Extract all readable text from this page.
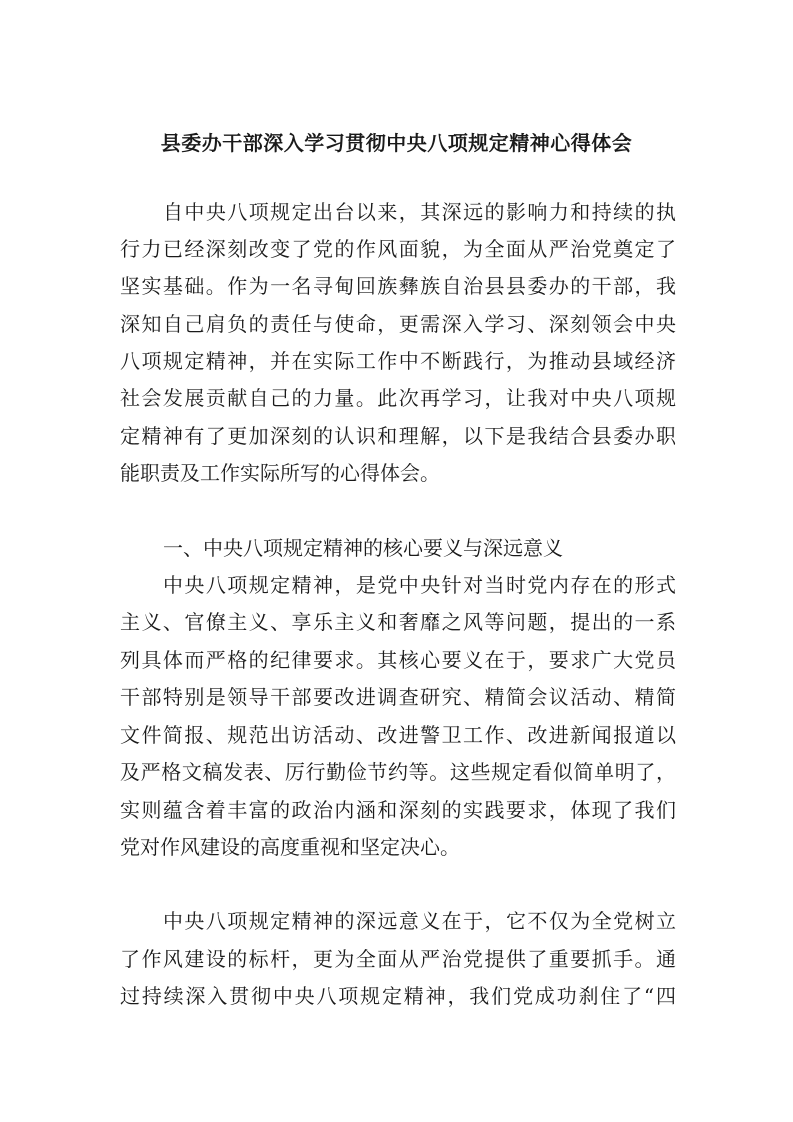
县委办干部深入学习贯彻中央八项规定精神心得体会

自中央八项规定出台以来，其深远的影响力和持续的执

行力已经深刻改变了党的作风面貌，为全面从严治党奠定了

坚实基础。作为一名寻甸回族彝族自治县县委办的干部，我

深知自己肩负的责任与使命，更需深入学习、深刻领会中央

八项规定精神，并在实际工作中不断践行，为推动县域经济

社会发展贡献自己的力量。此次再学习，让我对中央八项规

定精神有了更加深刻的认识和理解，以下是我结合县委办职

能职责及工作实际所写的心得体会。

一、中央八项规定精神的核心要义与深远意义

中央八项规定精神，是党中央针对当时党内存在的形式

主义、官僚主义、享乐主义和奢靡之风等问题，提出的一系

列具体而严格的纪律要求。其核心要义在于，要求广大党员

干部特别是领导干部要改进调查研究、精简会议活动、精简

文件简报、规范出访活动、改进警卫工作、改进新闻报道以

及严格文稿发表、厉行勤俭节约等。这些规定看似简单明了，

实则蕴含着丰富的政治内涵和深刻的实践要求，体现了我们

党对作风建设的高度重视和坚定决心。

中央八项规定精神的深远意义在于，它不仅为全党树立

了作风建设的标杆，更为全面从严治党提供了重要抓手。通

过持续深入贯彻中央八项规定精神，我们党成功刹住了“四
